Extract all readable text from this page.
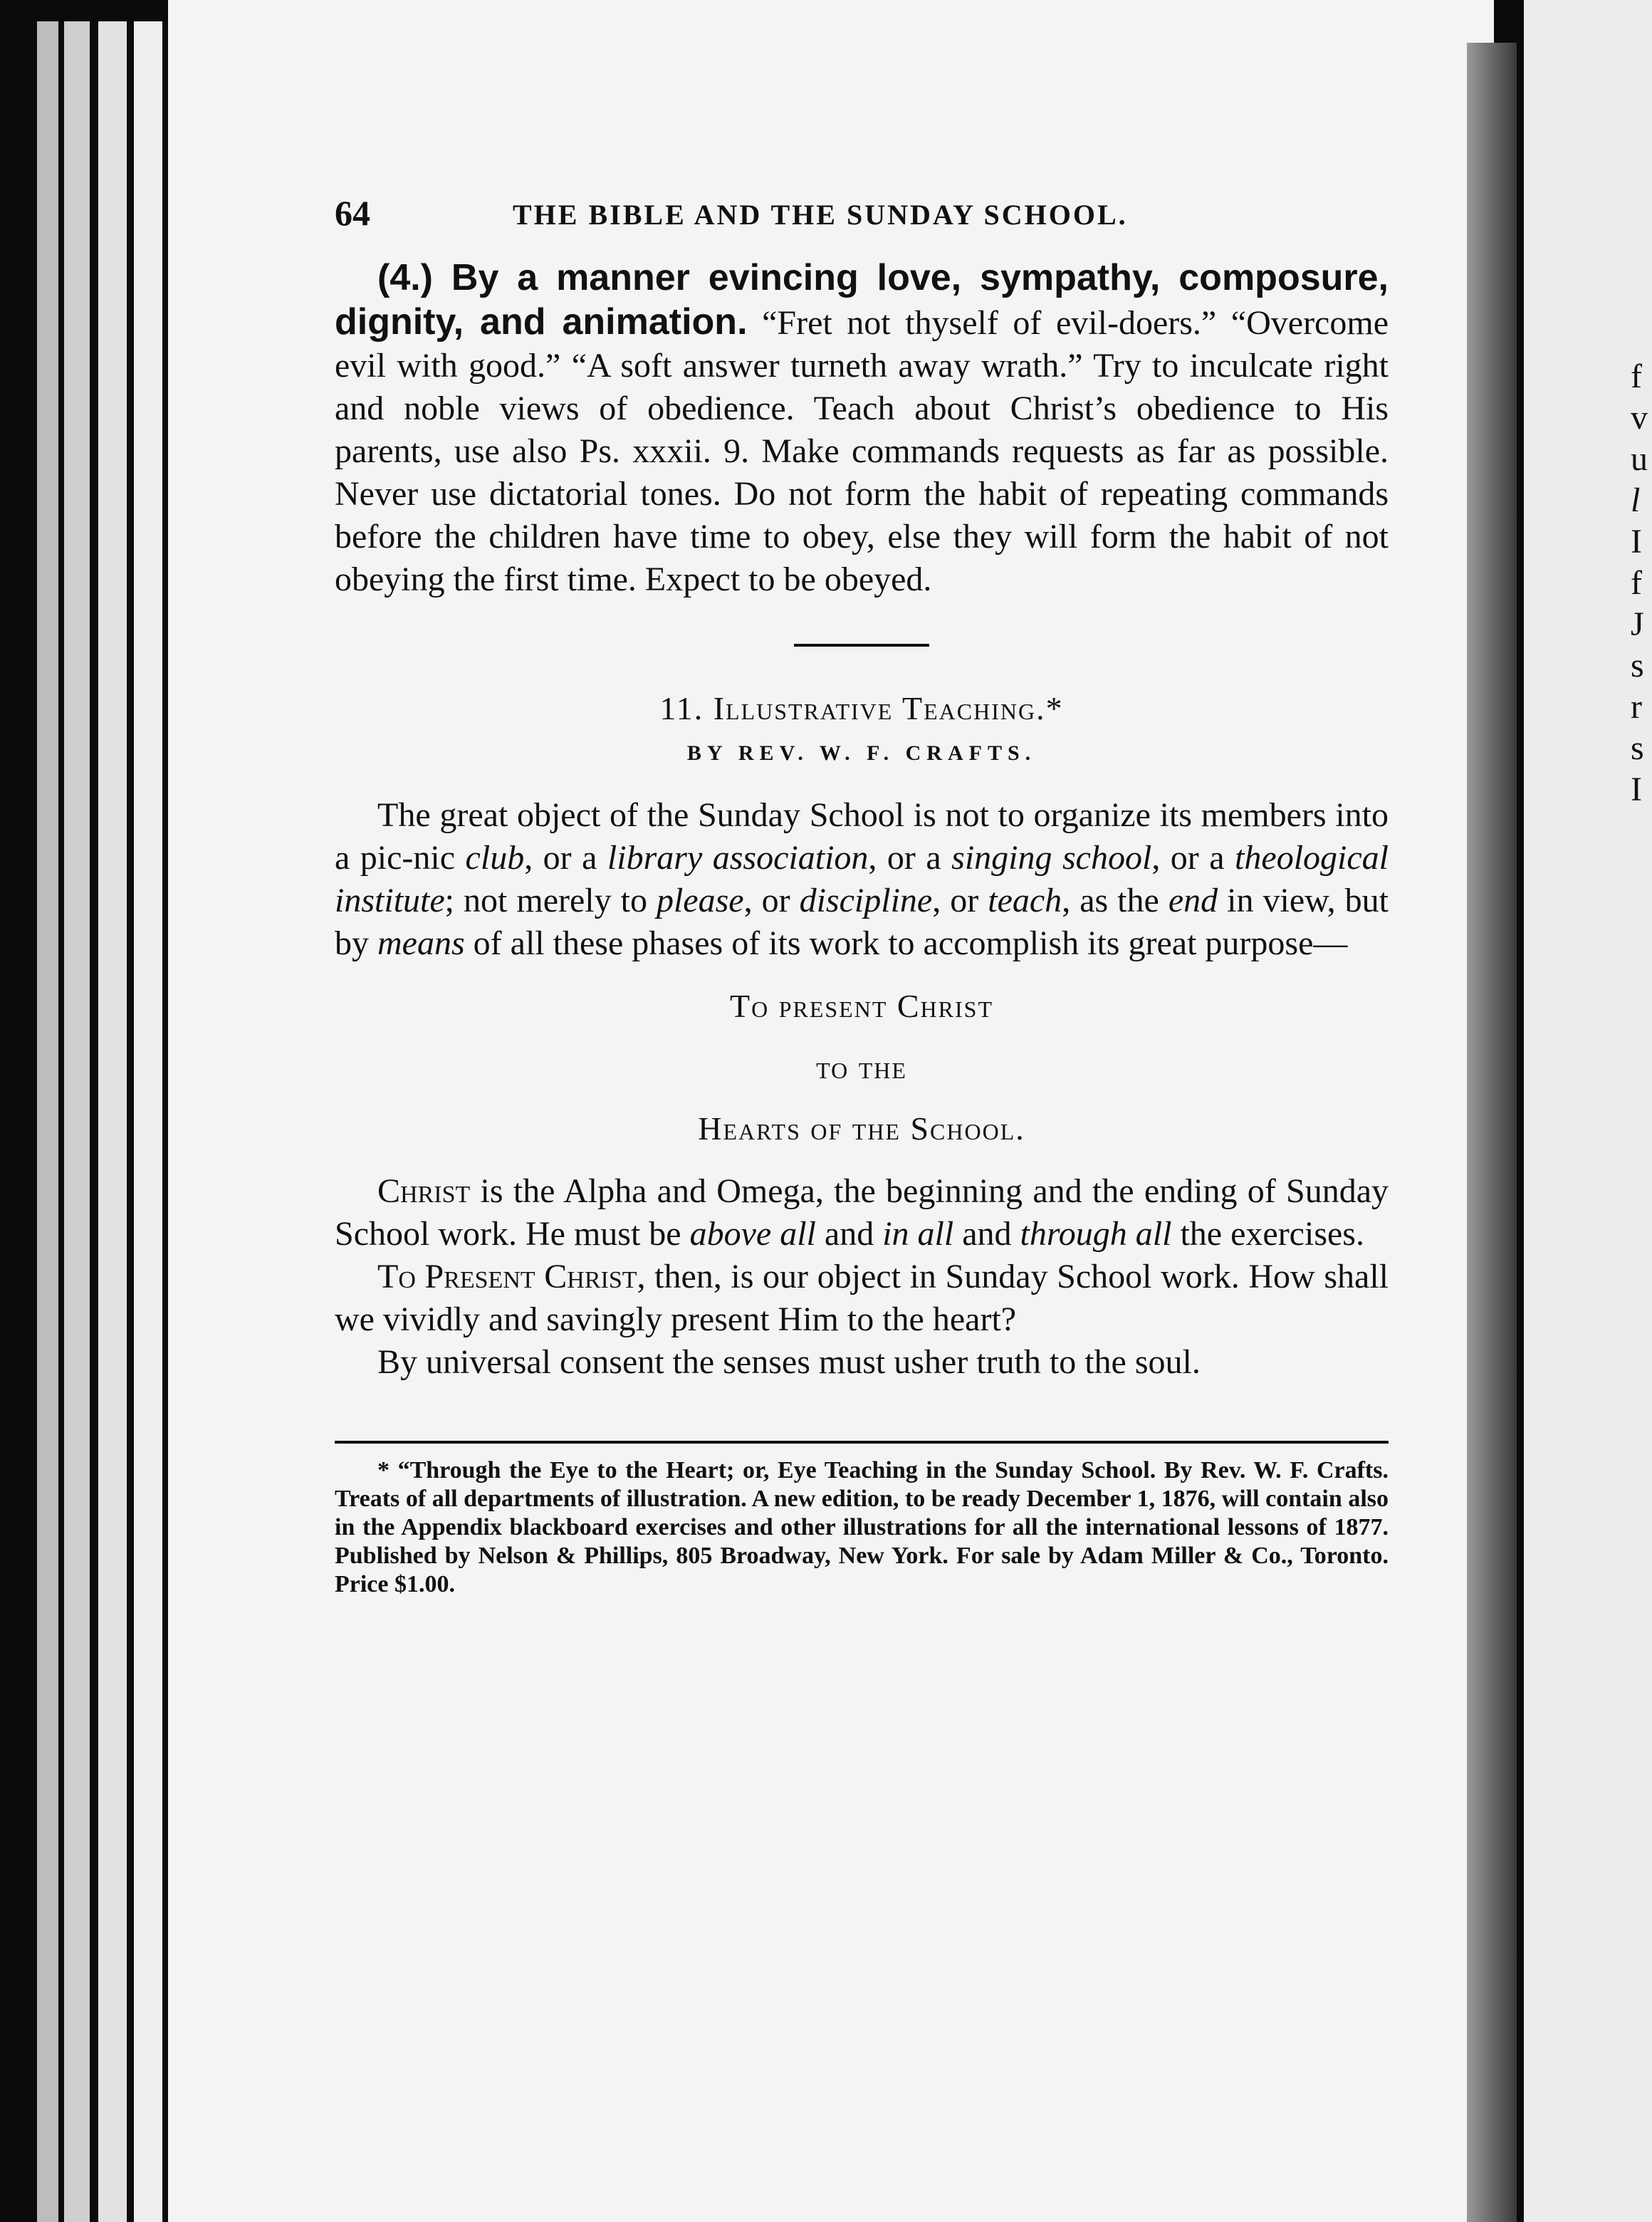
f
v
u
l
I
f
J
s
r
s
I
64	THE BIBLE AND THE SUNDAY SCHOOL.

(4.) By a manner evincing love, sympathy, composure, dignity, and animation. “Fret not thyself of evil-doers.” “Overcome evil with good.” “A soft answer turneth away wrath.” Try to inculcate right and noble views of obedience. Teach about Christ’s obedience to His parents, use also Ps. xxxii. 9. Make commands requests as far as possible. Never use dictatorial tones. Do not form the habit of repeating commands before the children have time to obey, else they will form the habit of not obeying the first time. Expect to be obeyed.

11. Illustrative Teaching.*
BY REV. W. F. CRAFTS.

The great object of the Sunday School is not to organize its members into a pic-nic club, or a library association, or a singing school, or a theological institute; not merely to please, or discipline, or teach, as the end in view, but by means of all these phases of its work to accomplish its great purpose—

To present Christ
to the
Hearts of the School.

Christ is the Alpha and Omega, the beginning and the ending of Sunday School work. He must be above all and in all and through all the exercises.

To Present Christ, then, is our object in Sunday School work. How shall we vividly and savingly present Him to the heart?

By universal consent the senses must usher truth to the soul.

* “Through the Eye to the Heart; or, Eye Teaching in the Sunday School. By Rev. W. F. Crafts. Treats of all departments of illustration. A new edition, to be ready December 1, 1876, will contain also in the Appendix blackboard exercises and other illustrations for all the international lessons of 1877. Published by Nelson & Phillips, 805 Broadway, New York. For sale by Adam Miller & Co., Toronto. Price $1.00.
